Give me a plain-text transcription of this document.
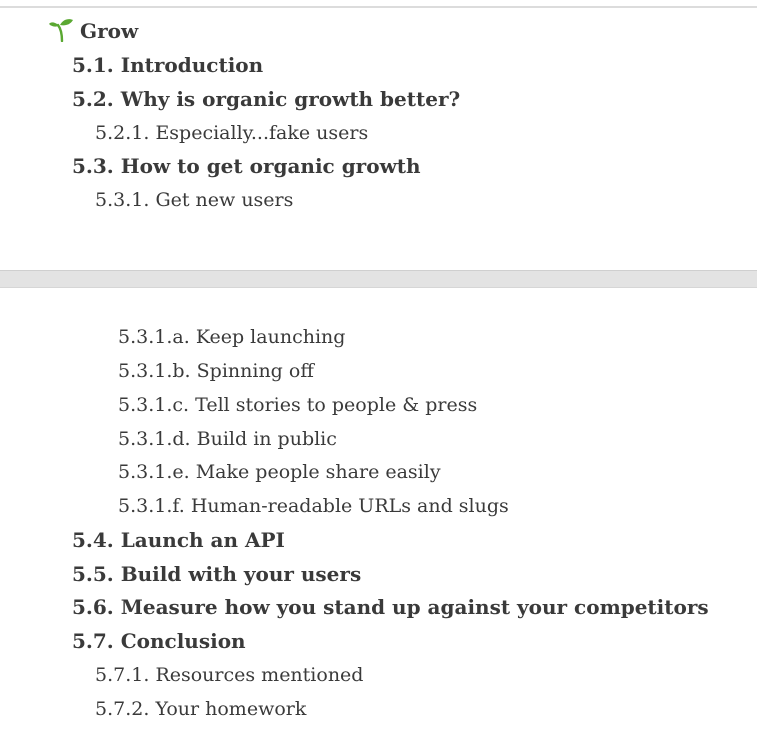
Grow
5.1. Introduction
5.2. Why is organic growth better?
5.2.1. Especially...fake users
5.3. How to get organic growth
5.3.1. Get new users
5.3.1.a. Keep launching
5.3.1.b. Spinning off
5.3.1.c. Tell stories to people & press
5.3.1.d. Build in public
5.3.1.e. Make people share easily
5.3.1.f. Human-readable URLs and slugs
5.4. Launch an API
5.5. Build with your users
5.6. Measure how you stand up against your competitors
5.7. Conclusion
5.7.1. Resources mentioned
5.7.2. Your homework
